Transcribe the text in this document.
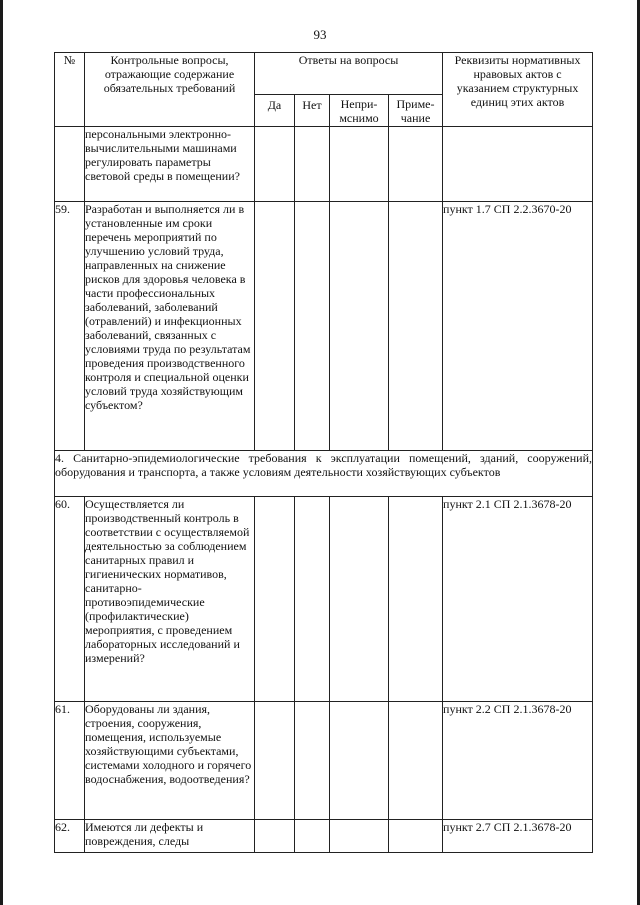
93
№	Контрольные вопросы, отражающие содержание обязательных требований	Ответы на вопросы				Реквизиты нормативных нравовых актов с указанием структурных единиц этих актов
		Да	Нет	Непри-мснимо	Приме-чание	
	персональными электронно-вычислительными машинами регулировать параметры световой среды в помещении?					
59.	Разработан и выполняется ли в установленные им сроки перечень мероприятий по улучшению условий труда, направленных на снижение рисков для здоровья человека в части профессиональных заболеваний, заболеваний (отравлений) и инфекционных заболеваний, связанных с условиями труда по результатам проведения производственного контроля и специальной оценки условий труда хозяйствующим субъектом?					пункт 1.7 СП 2.2.3670-20
4. Санитарно-эпидемиологические требования к эксплуатации помещений, зданий, сооружений, оборудования и транспорта, а также условиям деятельности хозяйствующих субъектов						
60.	Осуществляется ли производственный контроль в соответствии с осуществляемой деятельностью за соблюдением санитарных правил и гигиенических нормативов, санитарно-противоэпидемические (профилактические) мероприятия, с проведением лабораторных исследований и измерений?					пункт 2.1 СП 2.1.3678-20
61.	Оборудованы ли здания, строения, сооружения, помещения, используемые хозяйствующими субъектами, системами холодного и горячего водоснабжения, водоотведения?					пункт 2.2 СП 2.1.3678-20
62.	Имеются ли дефекты и повреждения, следы					пункт 2.7 СП 2.1.3678-20
